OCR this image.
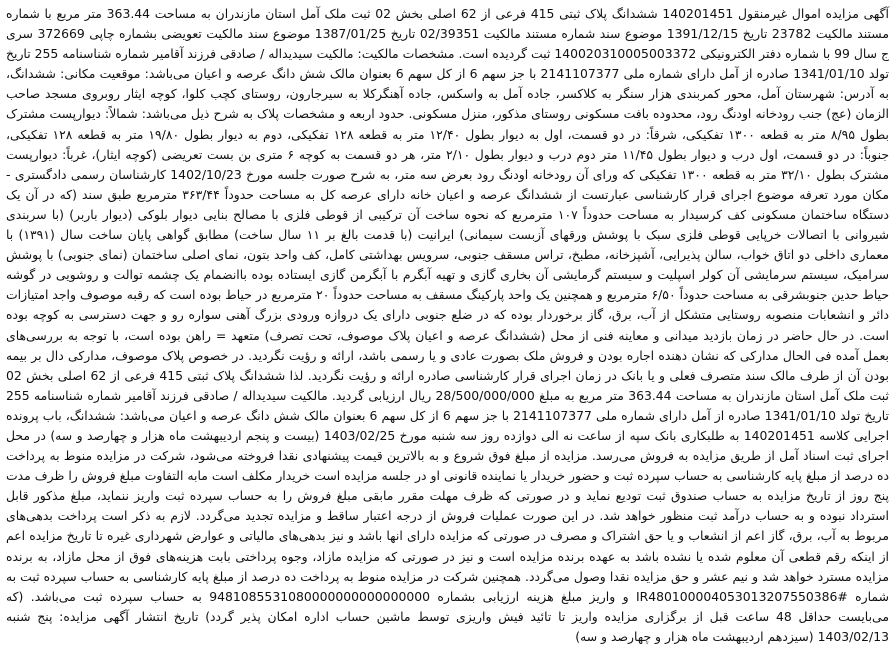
آگهی مزایده اموال غیرمنقول 140201451 ششدانگ پلاک ثبتی 415 فرعی از 62 اصلی بخش 02 ثبت ملک آمل استان مازندران به مساحت 363.44 متر مربع با شماره مستند مالکیت 23782 تاریخ 1391/12/15 موضوع سند شماره مستند مالکیت 02/39351 تاریخ 1387/01/25 موضوع سند مالکیت تعویضی بشماره چاپی 372669 سری ج سال 99 با شماره دفتر الکترونیکی 140020310005003372 ثبت گردیده است. مشخصات مالکیت: مالکیت سیدیداله / صادقی فرزند آقامیر شماره شناسنامه 255 تاریخ تولد 1341/01/10 صادره از آمل دارای شماره ملی 2141107377 با جز سهم 6 از کل سهم 6 بعنوان مالک شش دانگ عرصه و اعیان می‌باشد: موقعیت مکانی: ششدانگ، به آدرس: شهرستان آمل، محور کمربندی هزار سنگر به کلاکسر، جاده آمل به واسکس، جاده آهنگرکلا به سیرجارون، روستای کچب کلوا، کوچه ایثار روبروی مسجد صاحب الزمان (عج) جنب رودخانه اودنگ رود، محدوده بافت مسکونی روستای مذکور، منزل مسکونی. حدود اربعه و مشخصات پلاک به شرح ذیل می‌باشد: شمالاً: دیوارپست مشترک بطول ۸/۹۵ متر به قطعه ۱۳۰۰ تفکیکی، شرقاً: در دو قسمت، اول به دیوار بطول ۱۲/۴۰ متر به قطعه ۱۲۸ تفکیکی، دوم به دیوار بطول ۱۹/۸۰ متر به قطعه ۱۲۸ تفکیکی، جنوباً: در دو قسمت، اول درب و دیوار بطول ۱۱/۴۵ متر دوم درب و دیوار بطول ۲/۱۰ متر، هر دو قسمت به کوچه ۶ متری بن بست تعریضی (کوچه ایثار)، غرباً: دیوارپست مشترک بطول ۳۲/۱۰ متر به قطعه ۱۳۰۰ تفکیکی که ورای آن رودخانه اودنگ رود بعرض سه متر، به شرح صورت جلسه مورخ 1402/10/23 کارشناسان رسمی دادگستری - مکان مورد تعرفه موضوع اجرای قرار کارشناسی عبارتست از ششدانگ عرصه و اعیان خانه دارای عرصه کل به مساحت حدوداً ۳۶۳/۴۴ مترمربع طبق سند (که در آن یک دستگاه ساختمان مسکونی کف کرسیدار به مساحت حدوداً ۱۰۷ مترمربع که نحوه ساخت آن ترکیبی از قوطی فلزی با مصالح بنایی دیوار بلوکی (دیوار باربر) (با سربندی شیروانی با اتصالات خرپایی قوطی فلزی سبک با پوشش ورقهای آزبست سیمانی) ایرانیت (با قدمت بالغ بر ۱۱ سال ساخت) مطابق گواهی پایان ساخت سال (۱۳۹۱) با معماری داخلی دو اتاق خواب، سالن پذیرایی، آشپزخانه، مطبخ، تراس مسقف جنوبی، سرویس بهداشتی کامل، کف واحد بتون، نمای اصلی ساختمان (نمای جنوبی) با پوشش سرامیک، سیستم سرمایشی آن کولر اسپلیت و سیستم گرمایشی آن بخاری گازی و تهیه آبگرم با آبگرمن گازی ایستاده بوده باانضمام یک چشمه توالت و روشویی در گوشه حیاط حدین جنوبشرقی به مساحت حدوداً ۶/۵۰ مترمربع و همچنین یک واحد پارکینگ مسقف به مساحت حدوداً ۲۰ مترمربع در حیاط بوده است که رقبه موصوف واجد امتیازات دائر و انشعابات منصوبه روستایی متشکل از آب، برق، گاز برخوردار بوده که در ضلع جنوبی دارای یک دروازه ورودی بزرگ آهنی سواره رو و جهت دسترسی به کوچه بوده است. در حال حاضر در زمان بازدید میدانی و معاینه فنی از محل (ششدانگ عرصه و اعیان پلاک موصوف، تحت تصرف) متعهد = راهن بوده است، با توجه به بررسی‌های بعمل آمده فی الحال مدارکی که نشان دهنده اجاره بودن و فروش ملک بصورت عادی و یا رسمی باشد، ارائه و رؤیت نگردید. در خصوص پلاک موصوف، مدارکی دال بر بیمه بودن آن از طرف مالک سند متصرف فعلی و یا بانک در زمان اجرای قرار کارشناسی صادره ارائه و رؤیت نگردید. لذا ششدانگ پلاک ثبتی 415 فرعی از 62 اصلی بخش 02 ثبت ملک آمل استان مازندران به مساحت 363.44 متر مربع به مبلغ 28/500/000/000 ریال ارزیابی گردید. مالکیت سیدیداله / صادقی فرزند آقامیر شماره شناسنامه 255 تاریخ تولد 1341/01/10 صادره از آمل دارای شماره ملی 2141107377 با جز سهم 6 از کل سهم 6 بعنوان مالک شش دانگ عرصه و اعیان می‌باشد: ششدانگ، باب پرونده اجرایی کلاسه 140201451 به طلبکاری بانک سپه از ساعت نه الی دوازده روز سه شنبه مورخ 1403/02/25 (بیست و پنجم اردیبهشت ماه هزار و چهارصد و سه) در محل اجرای ثبت اسناد آمل از طریق مزایده به فروش می‌رسد. مزایده از مبلغ فوق شروع و به بالاترین قیمت پیشنهادی نقدا فروخته می‌شود، شرکت در مزایده منوط به پرداخت ده درصد از مبلغ پایه کارشناسی به حساب سپرده ثبت و حضور خریدار یا نماینده قانونی او در جلسه مزایده است خریدار مکلف است مابه التفاوت مبلغ فروش را ظرف مدت پنج روز از تاریخ مزایده به حساب صندوق ثبت تودیع نماید و در صورتی که ظرف مهلت مقرر مابقی مبلغ فروش را به حساب سپرده ثبت واریز ننماید، مبلغ مذکور قابل استرداد نبوده و به حساب درآمد ثبت منظور خواهد شد. در این صورت عملیات فروش از درجه اعتبار ساقط و مزایده تجدید می‌گردد. لازم به ذکر است پرداخت بدهی‌های مربوط به آب، برق، گاز اعم از انشعاب و یا حق اشتراک و مصرف در صورتی که مزایده دارای انها باشد و نیز بدهی‌های مالیاتی و عوارض شهرداری غیره تا تاریخ مزایده اعم از اینکه رقم قطعی آن معلوم شده یا نشده باشد به عهده برنده مزایده است و نیز در صورتی که مزایده مازاد، وجوه پرداختی بابت هزینه‌های فوق از محل مازاد، به برنده مزایده مسترد خواهد شد و نیم عشر و حق مزایده نقدا وصول می‌گردد. همچنین شرکت در مزایده منوط به پرداخت ده درصد از مبلغ پایه کارشناسی به حساب سپرده ثبت به شماره IR480100004053013207550386# و واریز مبلغ هزینه ارزیابی بشماره 9481085531080000000000000000 به حساب سپرده ثبت می‌باشد. (که می‌بایست حداقل 48 ساعت قبل از برگزاری مزایده واریز تا تائید فیش واریزی توسط ماشین حساب اداره امکان پذیر گردد) تاریخ انتشار آگهی مزایده: پنج شنبه 1403/02/13 (سیزدهم اردیبهشت ماه هزار و چهارصد و سه)
